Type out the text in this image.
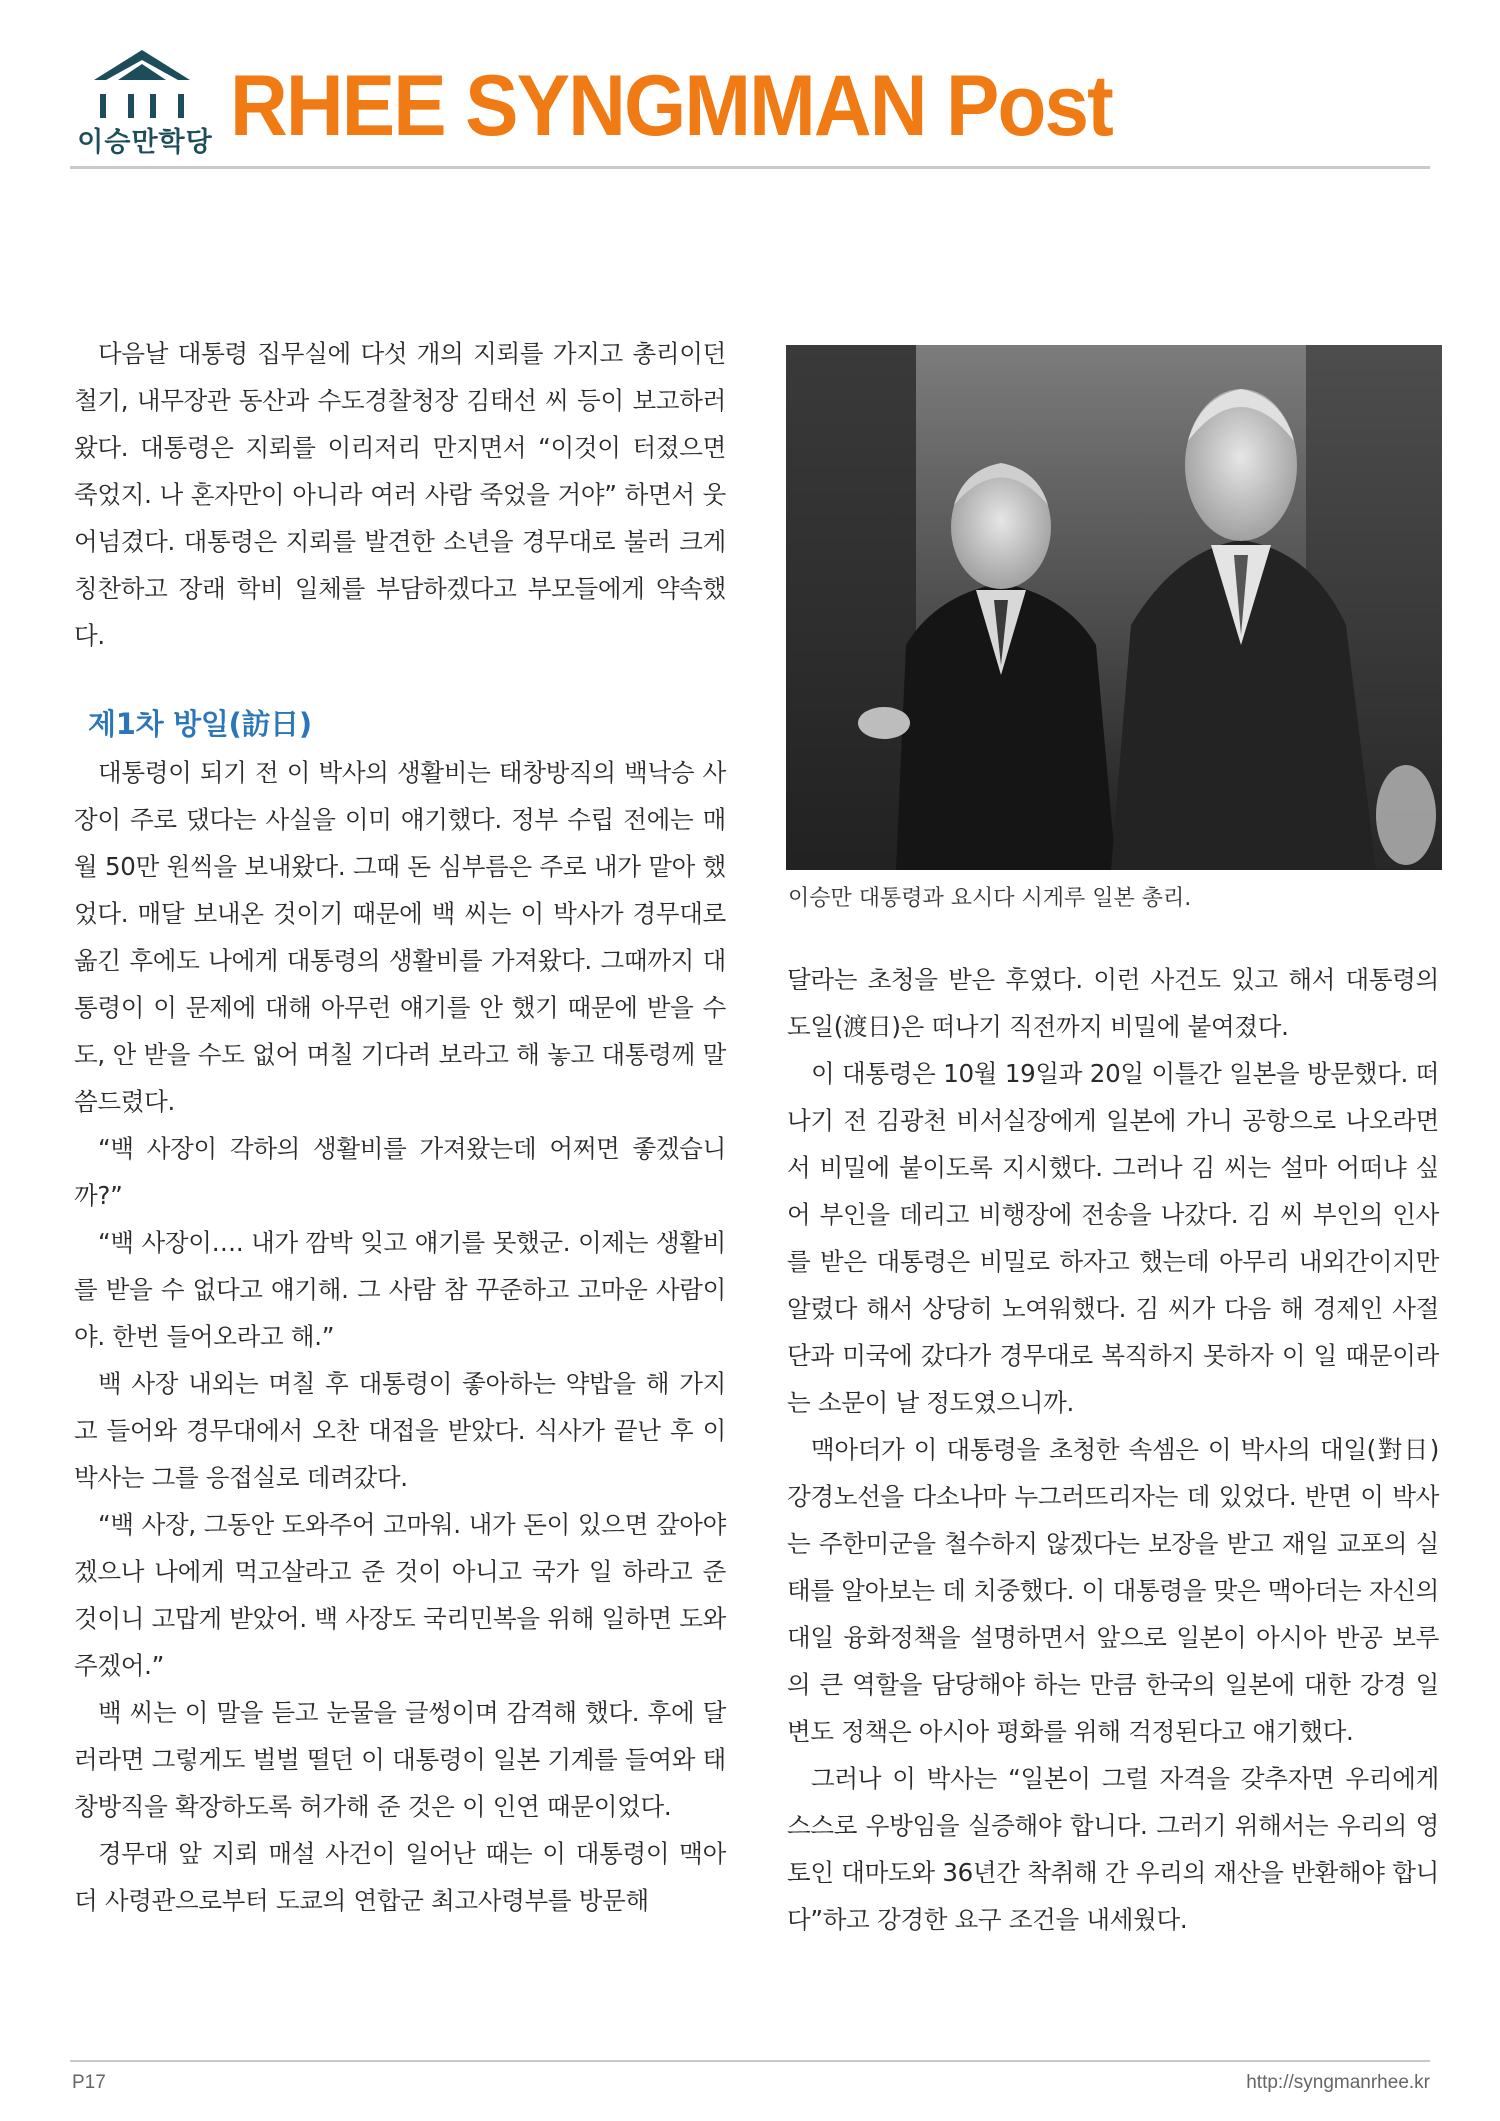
이승만학당 RHEE SYNGMMAN Post

다음날 대통령 집무실에 다섯 개의 지뢰를 가지고 총리이던 철기, 내무장관 동산과 수도경찰청장 김태선 씨 등이 보고하러 왔다. 대통령은 지뢰를 이리저리 만지면서 “이것이 터졌으면 죽었지. 나 혼자만이 아니라 여러 사람 죽었을 거야” 하면서 웃어넘겼다. 대통령은 지뢰를 발견한 소년을 경무대로 불러 크게 칭찬하고 장래 학비 일체를 부담하겠다고 부모들에게 약속했다.

제1차 방일(訪日)

대통령이 되기 전 이 박사의 생활비는 태창방직의 백낙승 사장이 주로 댔다는 사실을 이미 얘기했다. 정부 수립 전에는 매월 50만 원씩을 보내왔다. 그때 돈 심부름은 주로 내가 맡아 했었다. 매달 보내온 것이기 때문에 백 씨는 이 박사가 경무대로 옮긴 후에도 나에게 대통령의 생활비를 가져왔다. 그때까지 대통령이 이 문제에 대해 아무런 얘기를 안 했기 때문에 받을 수도, 안 받을 수도 없어 며칠 기다려 보라고 해 놓고 대통령께 말씀드렸다.

“백 사장이 각하의 생활비를 가져왔는데 어쩌면 좋겠습니까?”

“백 사장이…. 내가 깜박 잊고 얘기를 못했군. 이제는 생활비를 받을 수 없다고 얘기해. 그 사람 참 꾸준하고 고마운 사람이야. 한번 들어오라고 해.”

백 사장 내외는 며칠 후 대통령이 좋아하는 약밥을 해 가지고 들어와 경무대에서 오찬 대접을 받았다. 식사가 끝난 후 이 박사는 그를 응접실로 데려갔다.

“백 사장, 그동안 도와주어 고마워. 내가 돈이 있으면 갚아야겠으나 나에게 먹고살라고 준 것이 아니고 국가 일 하라고 준 것이니 고맙게 받았어. 백 사장도 국리민복을 위해 일하면 도와주겠어.”

백 씨는 이 말을 듣고 눈물을 글썽이며 감격해 했다. 후에 달러라면 그렇게도 벌벌 떨던 이 대통령이 일본 기계를 들여와 태창방직을 확장하도록 허가해 준 것은 이 인연 때문이었다.

경무대 앞 지뢰 매설 사건이 일어난 때는 이 대통령이 맥아더 사령관으로부터 도쿄의 연합군 최고사령부를 방문해

이승만 대통령과 요시다 시게루 일본 총리.

달라는 초청을 받은 후였다. 이런 사건도 있고 해서 대통령의 도일(渡日)은 떠나기 직전까지 비밀에 붙여졌다.

이 대통령은 10월 19일과 20일 이틀간 일본을 방문했다. 떠나기 전 김광천 비서실장에게 일본에 가니 공항으로 나오라면서 비밀에 붙이도록 지시했다. 그러나 김 씨는 설마 어떠냐 싶어 부인을 데리고 비행장에 전송을 나갔다. 김 씨 부인의 인사를 받은 대통령은 비밀로 하자고 했는데 아무리 내외간이지만 알렸다 해서 상당히 노여워했다. 김 씨가 다음 해 경제인 사절단과 미국에 갔다가 경무대로 복직하지 못하자 이 일 때문이라는 소문이 날 정도였으니까.

맥아더가 이 대통령을 초청한 속셈은 이 박사의 대일(對日) 강경노선을 다소나마 누그러뜨리자는 데 있었다. 반면 이 박사는 주한미군을 철수하지 않겠다는 보장을 받고 재일 교포의 실태를 알아보는 데 치중했다. 이 대통령을 맞은 맥아더는 자신의 대일 융화정책을 설명하면서 앞으로 일본이 아시아 반공 보루의 큰 역할을 담당해야 하는 만큼 한국의 일본에 대한 강경 일변도 정책은 아시아 평화를 위해 걱정된다고 얘기했다.

그러나 이 박사는 “일본이 그럴 자격을 갖추자면 우리에게 스스로 우방임을 실증해야 합니다. 그러기 위해서는 우리의 영토인 대마도와 36년간 착취해 간 우리의 재산을 반환해야 합니다”하고 강경한 요구 조건을 내세웠다.

P17	http://syngmanrhee.kr
